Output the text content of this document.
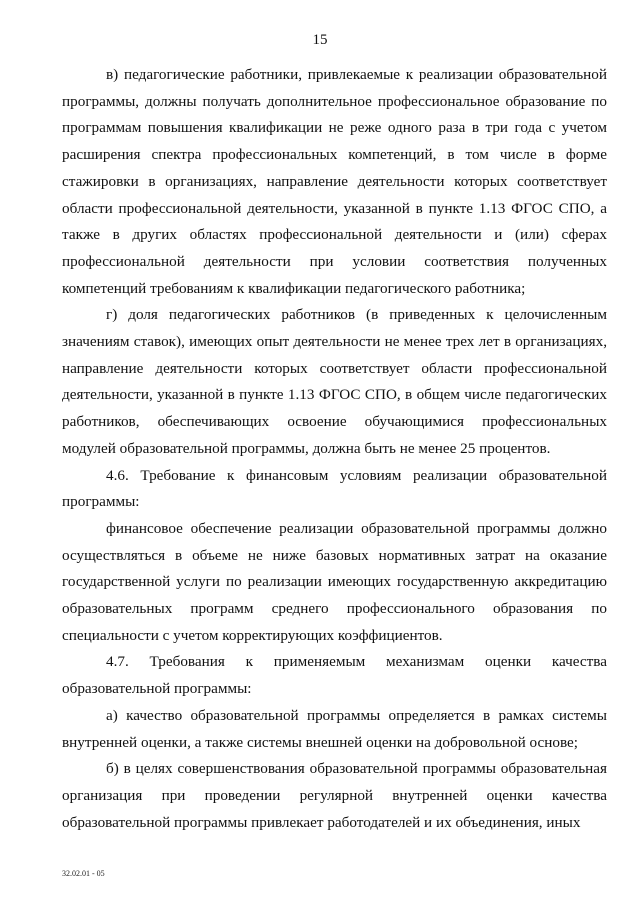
15

в) педагогические работники, привлекаемые к реализации образовательной программы, должны получать дополнительное профессиональное образование по программам повышения квалификации не реже одного раза в три года с учетом расширения спектра профессиональных компетенций, в том числе в форме стажировки в организациях, направление деятельности которых соответствует области профессиональной деятельности, указанной в пункте 1.13 ФГОС СПО, а также в других областях профессиональной деятельности и (или) сферах профессиональной деятельности при условии соответствия полученных компетенций требованиям к квалификации педагогического работника;

г) доля педагогических работников (в приведенных к целочисленным значениям ставок), имеющих опыт деятельности не менее трех лет в организациях, направление деятельности которых соответствует области профессиональной деятельности, указанной в пункте 1.13 ФГОС СПО, в общем числе педагогических работников, обеспечивающих освоение обучающимися профессиональных модулей образовательной программы, должна быть не менее 25 процентов.

4.6. Требование к финансовым условиям реализации образовательной программы:

финансовое обеспечение реализации образовательной программы должно осуществляться в объеме не ниже базовых нормативных затрат на оказание государственной услуги по реализации имеющих государственную аккредитацию образовательных программ среднего профессионального образования по специальности с учетом корректирующих коэффициентов.

4.7. Требования к применяемым механизмам оценки качества образовательной программы:

а) качество образовательной программы определяется в рамках системы внутренней оценки, а также системы внешней оценки на добровольной основе;

б) в целях совершенствования образовательной программы образовательная организация при проведении регулярной внутренней оценки качества образовательной программы привлекает работодателей и их объединения, иных

32.02.01 - 05
